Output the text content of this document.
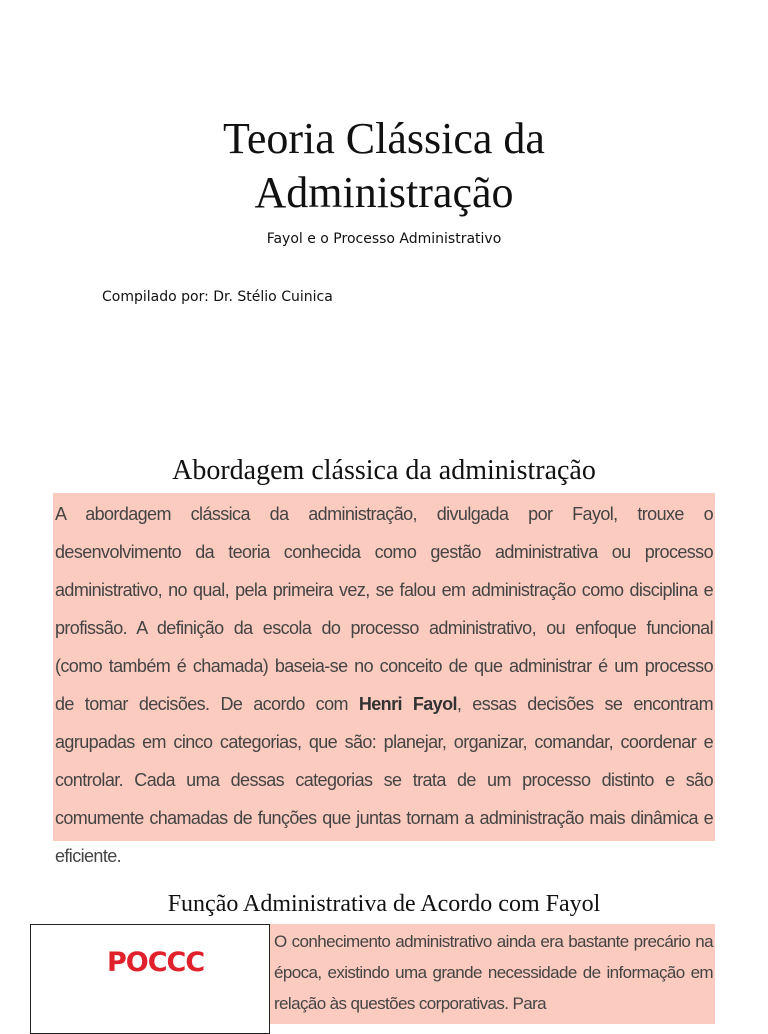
Teoria Clássica da
Administração
Fayol e o Processo Administrativo
Compilado por: Dr. Stélio Cuinica
Abordagem clássica da administração

A abordagem clássica da administração, divulgada por Fayol, trouxe o desenvolvimento da teoria conhecida como gestão administrativa ou processo administrativo, no qual, pela primeira vez, se falou em administração como disciplina e profissão. A definição da escola do processo administrativo, ou enfoque funcional (como também é chamada) baseia-se no conceito de que administrar é um processo de tomar decisões. De acordo com Henri Fayol, essas decisões se encontram agrupadas em cinco categorias, que são: planejar, organizar, comandar, coordenar e controlar. Cada uma dessas categorias se trata de um processo distinto e são comumente chamadas de funções que juntas tornam a administração mais dinâmica e eficiente.

Função Administrativa de Acordo com Fayol
POCCC

O conhecimento administrativo ainda era bastante precário na época, existindo uma grande necessidade de informação em relação às questões corporativas. Para
